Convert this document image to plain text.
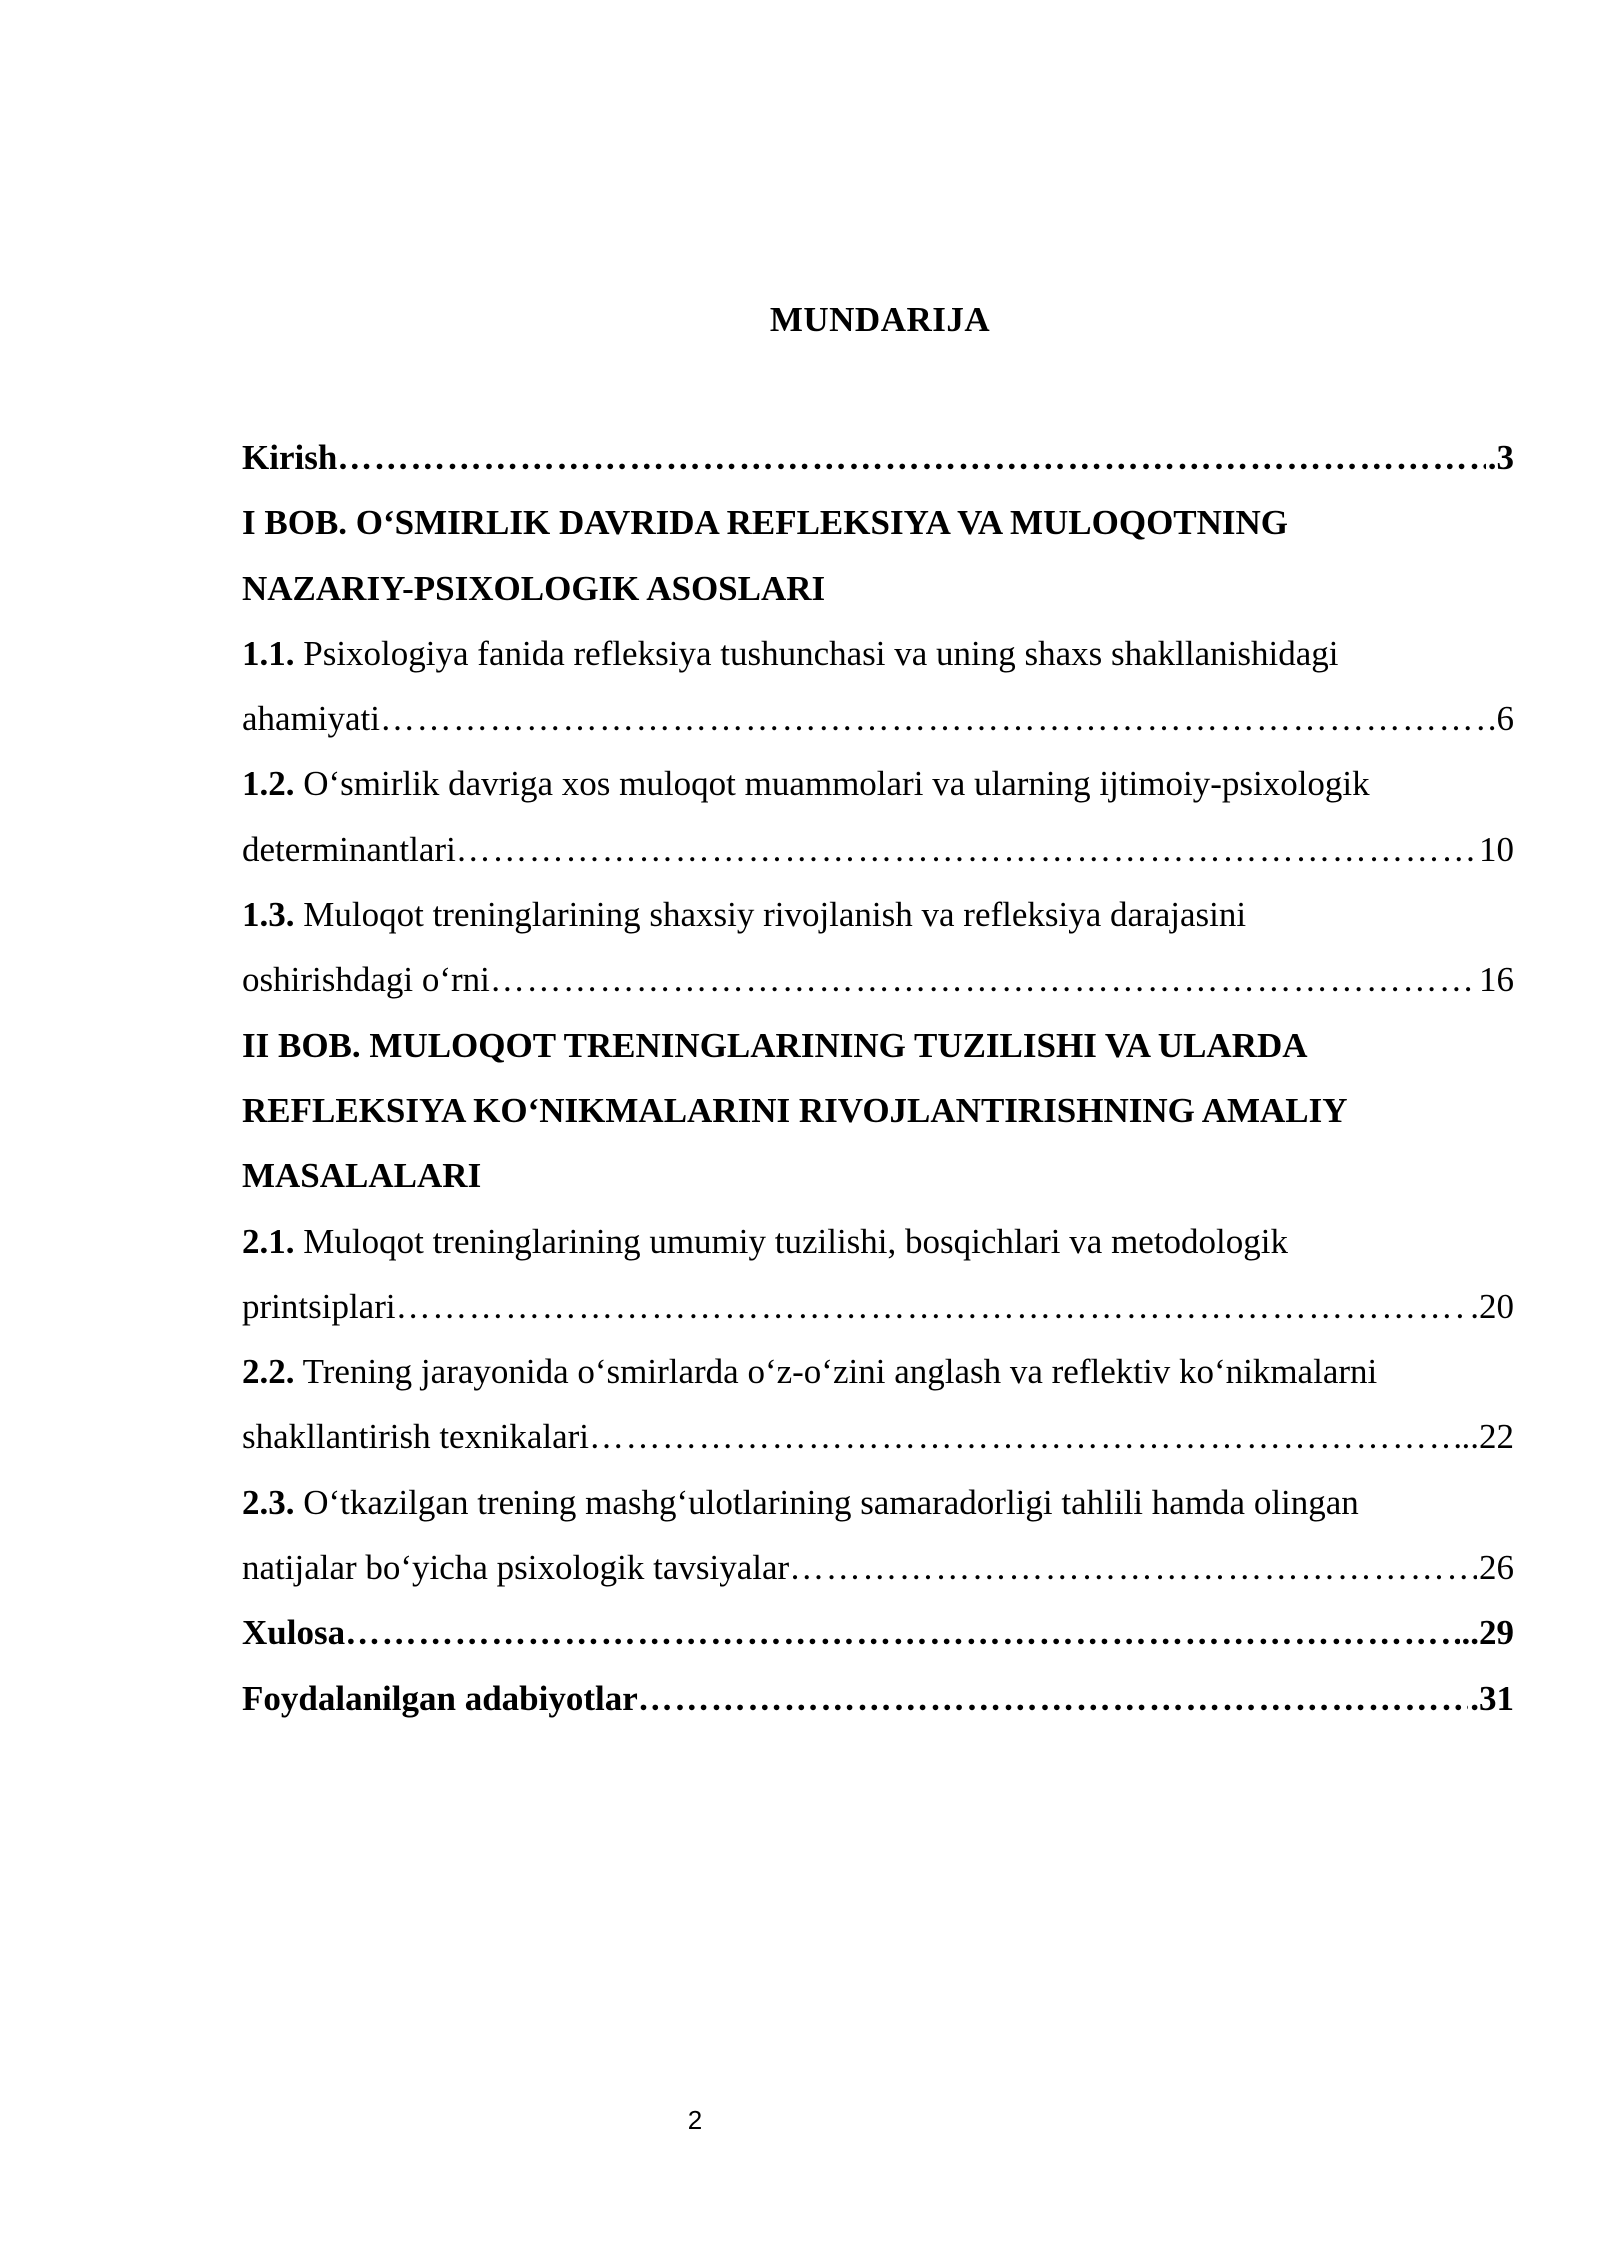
MUNDARIJA
Kirish …………………………………………………………………………………………………………………………………………………………………………………………	.3
I BOB. O‘SMIRLIK DAVRIDA REFLEKSIYA VA MULOQOTNING
NAZARIY-PSIXOLOGIK ASOSLARI
1.1. Psixologiya fanida refleksiya tushunchasi va uning shaxs shakllanishidagi
ahamiyati …………………………………………………………………………………………………………………………………………………………………………………………	.6
1.2. O‘smirlik davriga xos muloqot muammolari va ularning ijtimoiy-psixologik
determinantlari …………………………………………………………………………………………………………………………………………………………………………………………	10
1.3. Muloqot treninglarining shaxsiy rivojlanish va refleksiya darajasini
oshirishdagi o‘rni …………………………………………………………………………………………………………………………………………………………………………………………	16
II BOB. MULOQOT TRENINGLARINING TUZILISHI VA ULARDA
REFLEKSIYA KO‘NIKMALARINI RIVOJLANTIRISHNING AMALIY
MASALALARI
2.1. Muloqot treninglarining umumiy tuzilishi, bosqichlari va metodologik
printsiplari …………………………………………………………………………………………………………………………………………………………………………………………	.20
2.2. Trening jarayonida o‘smirlarda o‘z-o‘zini anglash va reflektiv ko‘nikmalarni
shakllantirish texnikalari …………………………………………………………………………………………………………………………………………………………………………………………	..22
2.3. O‘tkazilgan trening mashg‘ulotlarining samaradorligi tahlili hamda olingan
natijalar bo‘yicha psixologik tavsiyalar …………………………………………………………………………………………………………………………………………………………………………………………	26
Xulosa …………………………………………………………………………………………………………………………………………………………………………………………	..29
Foydalanilgan adabiyotlar …………………………………………………………………………………………………………………………………………………………………………………………	.31
2
